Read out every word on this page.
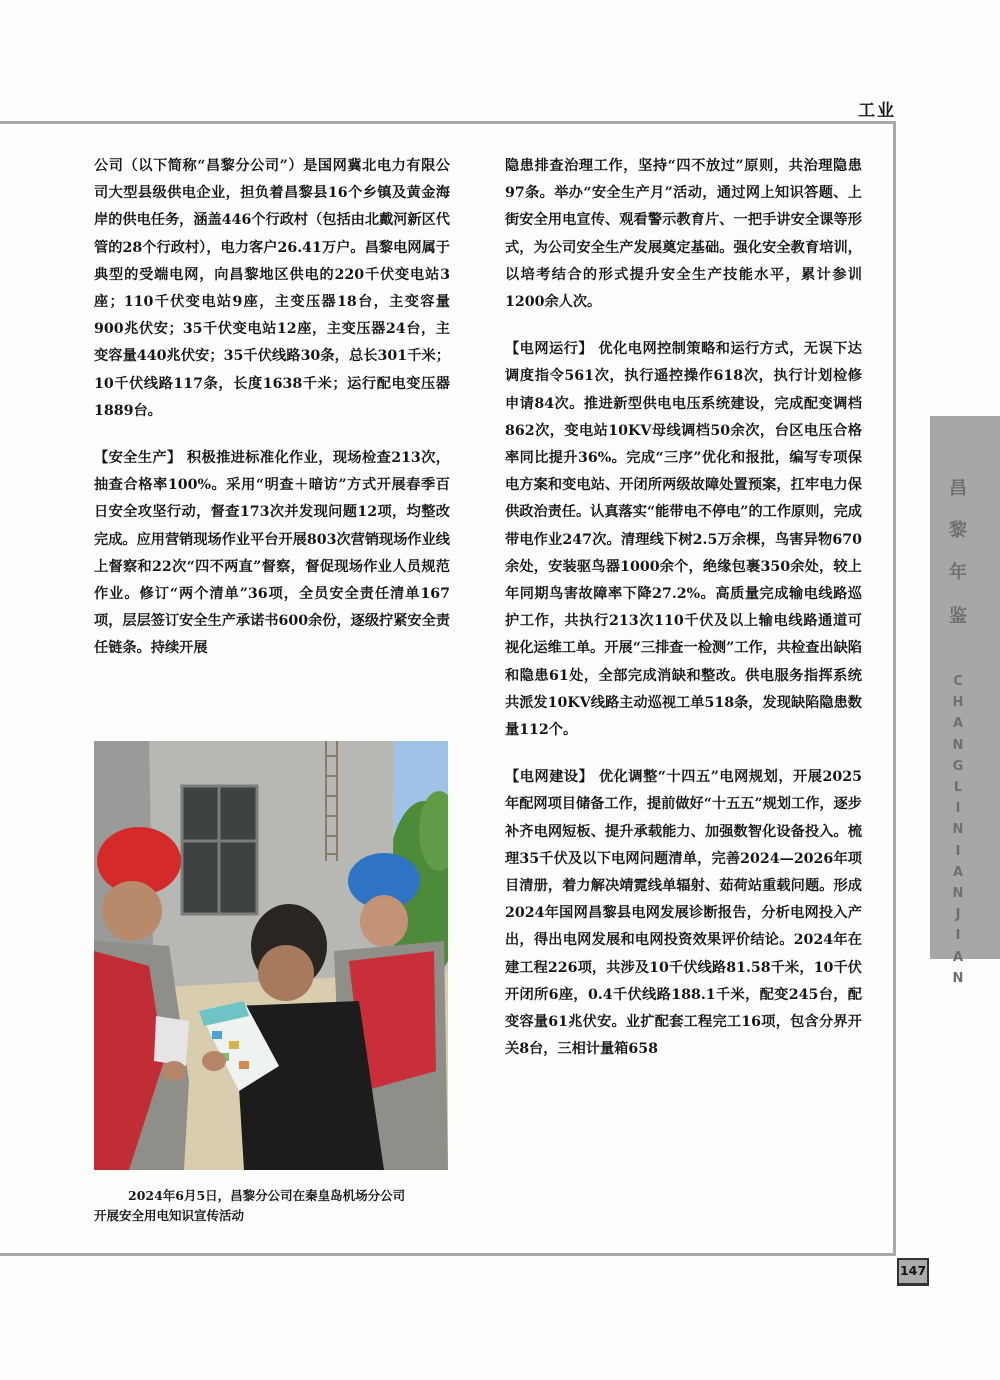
工业

公司（以下简称“昌黎分公司”）是国网冀北电力有限公司大型县级供电企业，担负着昌黎县16个乡镇及黄金海岸的供电任务，涵盖446个行政村（包括由北戴河新区代管的28个行政村），电力客户26.41万户。昌黎电网属于典型的受端电网，向昌黎地区供电的220千伏变电站3座；110千伏变电站9座，主变压器18台，主变容量900兆伏安；35千伏变电站12座，主变压器24台，主变容量440兆伏安；35千伏线路30条，总长301千米；10千伏线路117条，长度1638千米；运行配电变压器1889台。

【安全生产】 积极推进标准化作业，现场检查213次，抽查合格率100%。采用“明查＋暗访”方式开展春季百日安全攻坚行动，督查173次并发现问题12项，均整改完成。应用营销现场作业平台开展803次营销现场作业线上督察和22次“四不两直”督察，督促现场作业人员规范作业。修订“两个清单”36项，全员安全责任清单167项，层层签订安全生产承诺书600余份，逐级拧紧安全责任链条。持续开展

2024年6月5日，昌黎分公司在秦皇岛机场分公司
开展安全用电知识宣传活动

隐患排查治理工作，坚持“四不放过”原则，共治理隐患97条。举办“安全生产月”活动，通过网上知识答题、上街安全用电宣传、观看警示教育片、一把手讲安全课等形式，为公司安全生产发展奠定基础。强化安全教育培训，以培考结合的形式提升安全生产技能水平，累计参训1200余人次。

【电网运行】 优化电网控制策略和运行方式，无误下达调度指令561次，执行遥控操作618次，执行计划检修申请84次。推进新型供电电压系统建设，完成配变调档862次，变电站10KV母线调档50余次，台区电压合格率同比提升36%。完成“三序”优化和报批，编写专项保电方案和变电站、开闭所两级故障处置预案，扛牢电力保供政治责任。认真落实“能带电不停电”的工作原则，完成带电作业247次。清理线下树2.5万余棵，鸟害异物670余处，安装驱鸟器1000余个，绝缘包裹350余处，较上年同期鸟害故障率下降27.2%。高质量完成输电线路巡护工作，共执行213次110千伏及以上输电线路通道可视化运维工单。开展“三排查一检测”工作，共检查出缺陷和隐患61处，全部完成消缺和整改。供电服务指挥系统共派发10KV线路主动巡视工单518条，发现缺陷隐患数量112个。

【电网建设】 优化调整“十四五”电网规划，开展2025年配网项目储备工作，提前做好“十五五”规划工作，逐步补齐电网短板、提升承载能力、加强数智化设备投入。梳理35千伏及以下电网问题清单，完善2024—2026年项目清册，着力解决靖霓线单辐射、茹荷站重载问题。形成2024年国网昌黎县电网发展诊断报告，分析电网投入产出，得出电网发展和电网投资效果评价结论。2024年在建工程226项，共涉及10千伏线路81.58千米，10千伏开闭所6座，0.4千伏线路188.1千米，配变245台，配变容量61兆伏安。业扩配套工程完工16项，包含分界开关8台，三相计量箱658

昌
黎
年
鉴
C
H
A
N
G
L
I
N
I
A
N
J
I
A
N
147
